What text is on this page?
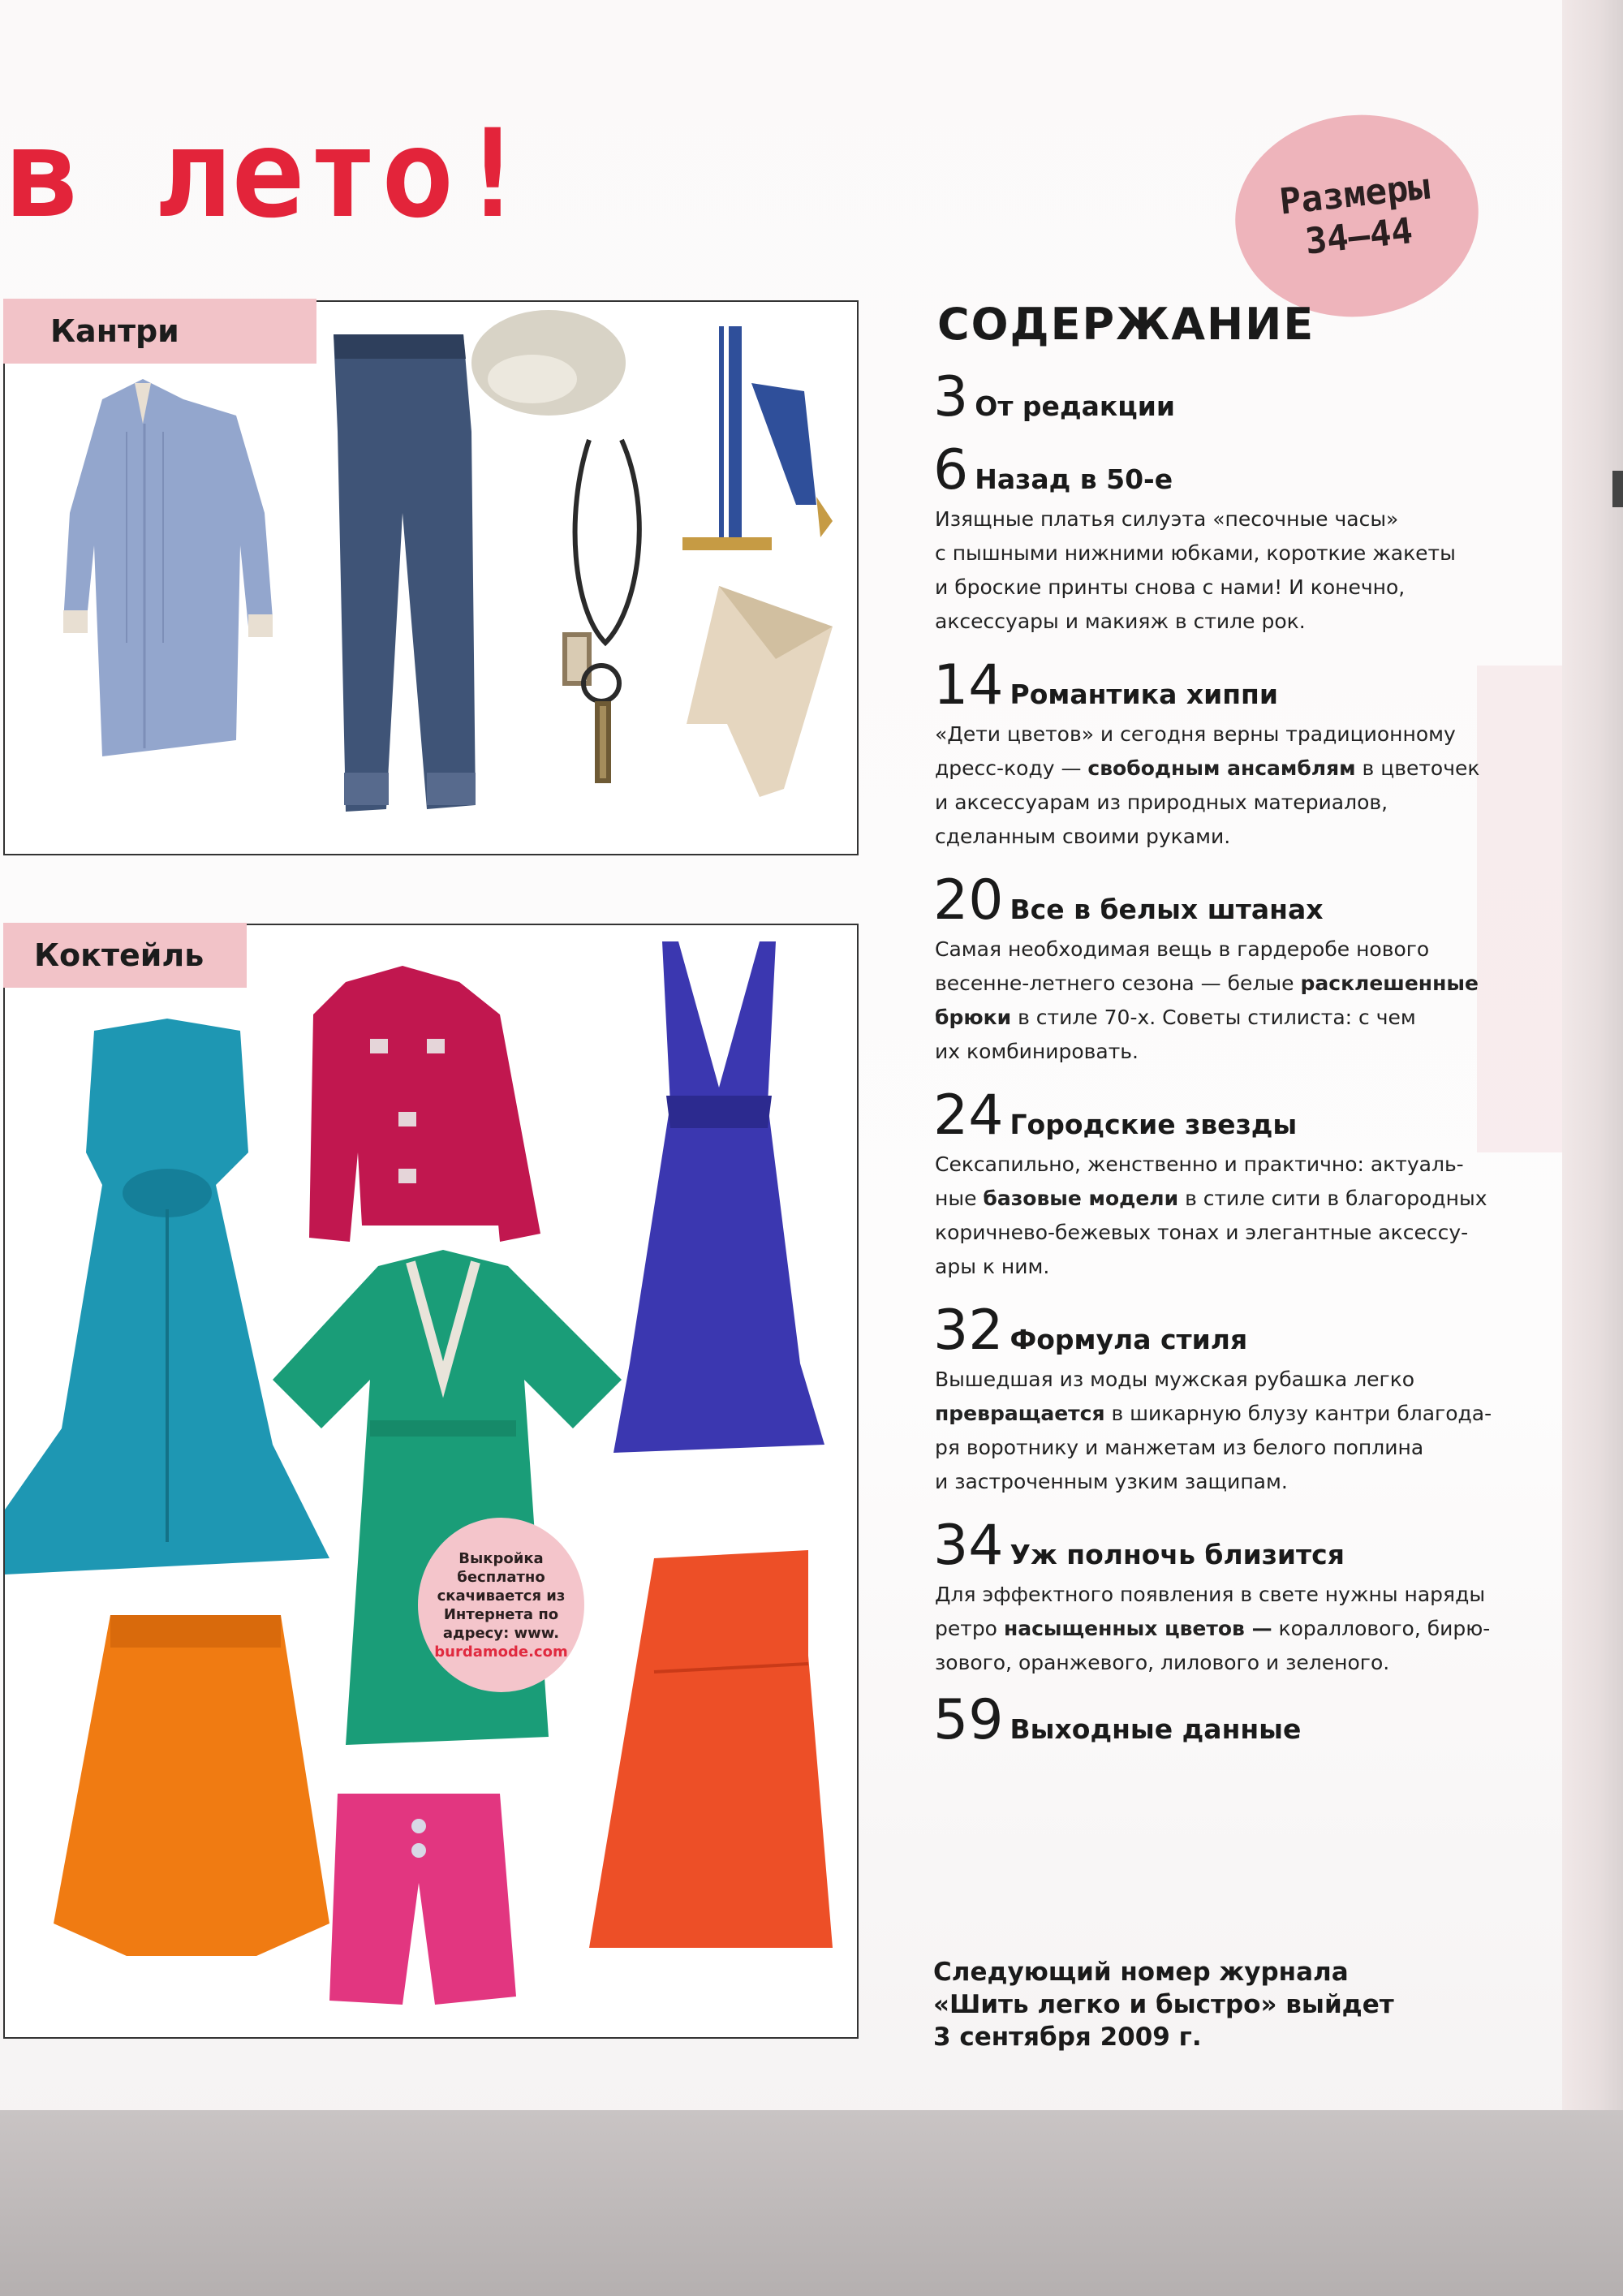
в лето!	Размеры
34–44
Кантри
Коктейль
Выкройка
бесплатно
скачивается из
Интернета по
адресу: www.
burdamode.com
СОДЕРЖАНИЕ
3 От редакции
6 Назад в 50-е

Изящные платья силуэта «песочные часы»
с пышными нижними юбками, короткие жакеты
и броские принты снова с нами! И конечно,
аксессуары и макияж в стиле рок.

14 Романтика хиппи

«Дети цветов» и сегодня верны традиционному
дресс-коду — свободным ансамблям в цветочек
и аксессуарам из природных материалов,
сделанным своими руками.

20 Все в белых штанах

Самая необходимая вещь в гардеробе нового
весенне-летнего сезона — белые расклешенные
брюки в стиле 70-х. Советы стилиста: с чем
их комбинировать.

24 Городские звезды

Сексапильно, женственно и практично: актуаль-
ные базовые модели в стиле сити в благородных
коричнево-бежевых тонах и элегантные аксессу-
ары к ним.

32 Формула стиля

Вышедшая из моды мужская рубашка легко
превращается в шикарную блузу кантри благода-
ря воротнику и манжетам из белого поплина
и застроченным узким защипам.

34 Уж полночь близится

Для эффектного появления в свете нужны наряды
ретро насыщенных цветов — кораллового, бирю-
зового, оранжевого, лилового и зеленого.

59 Выходные данные

Следующий номер журнала
«Шить легко и быстро» выйдет
3 сентября 2009 г.
